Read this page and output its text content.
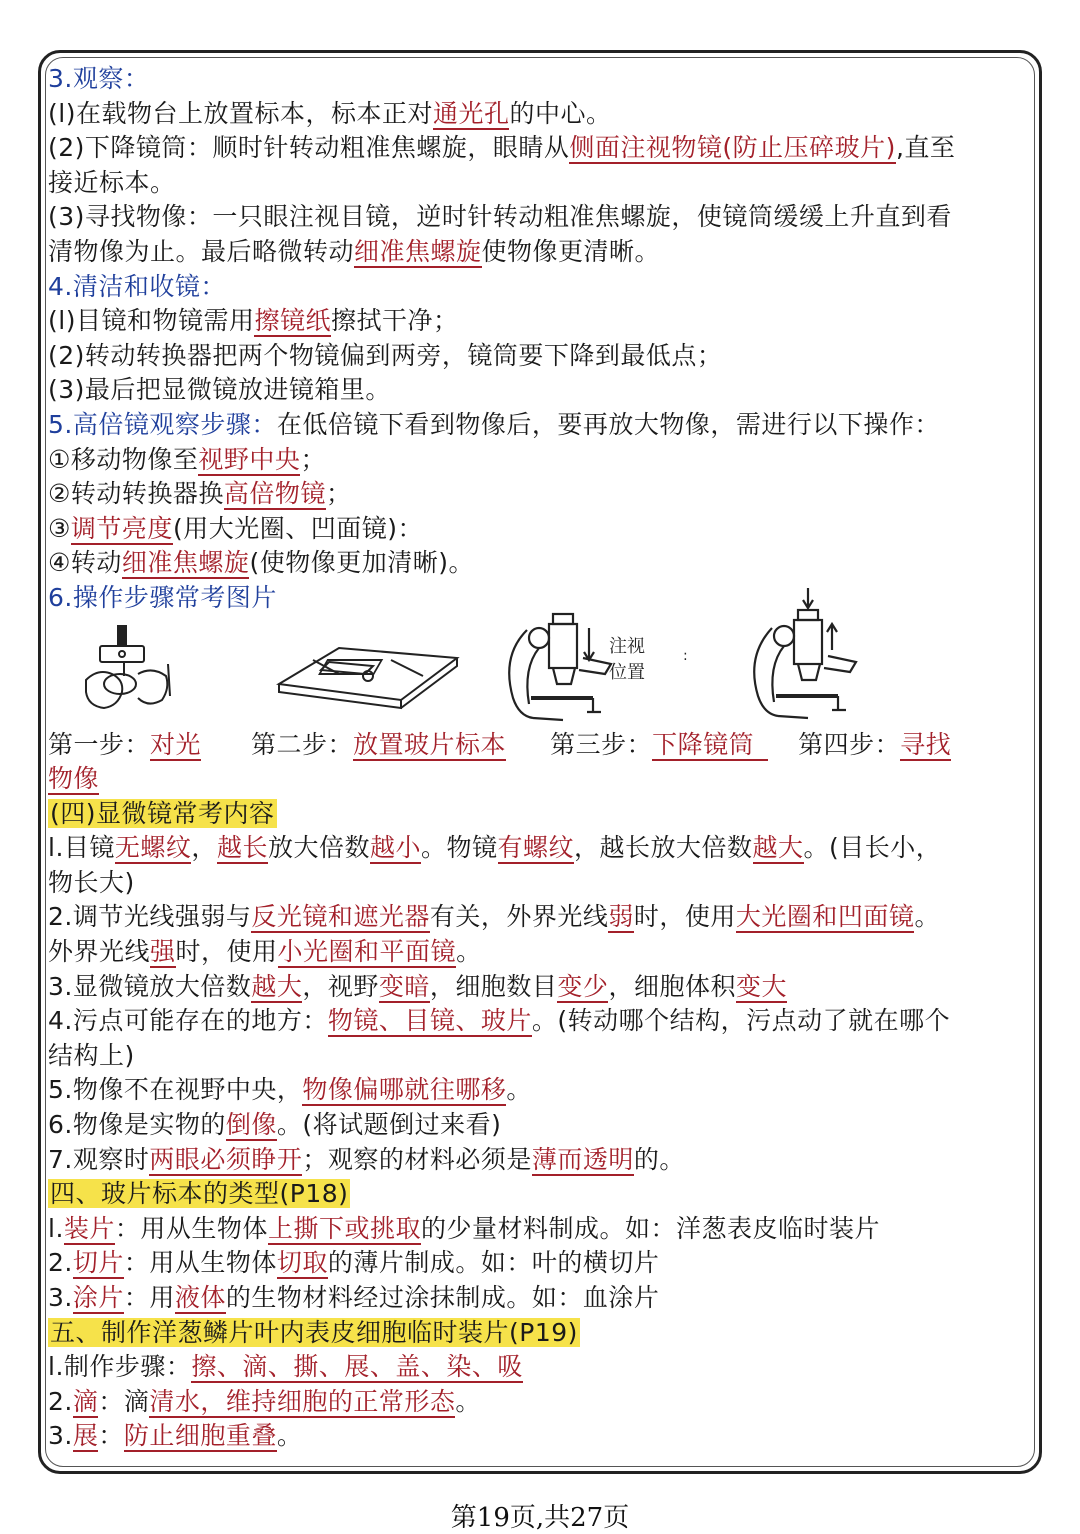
3.观察：
(l)在载物台上放置标本，标本正对通光孔的中心。
(2)下降镜筒：顺时针转动粗准焦螺旋，眼睛从侧面注视物镜(防止压碎玻片),直至
接近标本。
(3)寻找物像：一只眼注视目镜，逆时针转动粗准焦螺旋，使镜筒缓缓上升直到看
清物像为止。最后略微转动细准焦螺旋使物像更清晰。
4.清洁和收镜：
(l)目镜和物镜需用擦镜纸擦拭干净；
(2)转动转换器把两个物镜偏到两旁，镜筒要下降到最低点；
(3)最后把显微镜放进镜箱里。
5.高倍镜观察步骤：在低倍镜下看到物像后，要再放大物像，需进行以下操作：
①移动物像至视野中央；
②转动转换器换高倍物镜；
③调节亮度(用大光圈、凹面镜)：
④转动细准焦螺旋(使物像更加清晰)。
6.操作步骤常考图片
注视
位置
:
第一步：对光 第二步：放置玻片标本 第三步：下降镜筒 第四步：寻找
物像
(四)显微镜常考内容
l.目镜无螺纹，越长放大倍数越小。物镜有螺纹，越长放大倍数越大。(目长小，
物长大)
2.调节光线强弱与反光镜和遮光器有关，外界光线弱时，使用大光圈和凹面镜。
外界光线强时，使用小光圈和平面镜。
3.显微镜放大倍数越大，视野变暗，细胞数目变少，细胞体积变大
4.污点可能存在的地方：物镜、目镜、玻片。(转动哪个结构，污点动了就在哪个
结构上)
5.物像不在视野中央，物像偏哪就往哪移。
6.物像是实物的倒像。(将试题倒过来看)
7.观察时两眼必须睁开；观察的材料必须是薄而透明的。
四、玻片标本的类型(P18)
l.装片：用从生物体上撕下或挑取的少量材料制成。如：洋葱表皮临时装片
2.切片：用从生物体切取的薄片制成。如：叶的横切片
3.涂片：用液体的生物材料经过涂抹制成。如：血涂片
五、制作洋葱鳞片叶内表皮细胞临时装片(P19)
l.制作步骤：擦、滴、撕、展、盖、染、吸
2.滴：滴清水，维持细胞的正常形态。
3.展：防止细胞重叠。
第19页,共27页
